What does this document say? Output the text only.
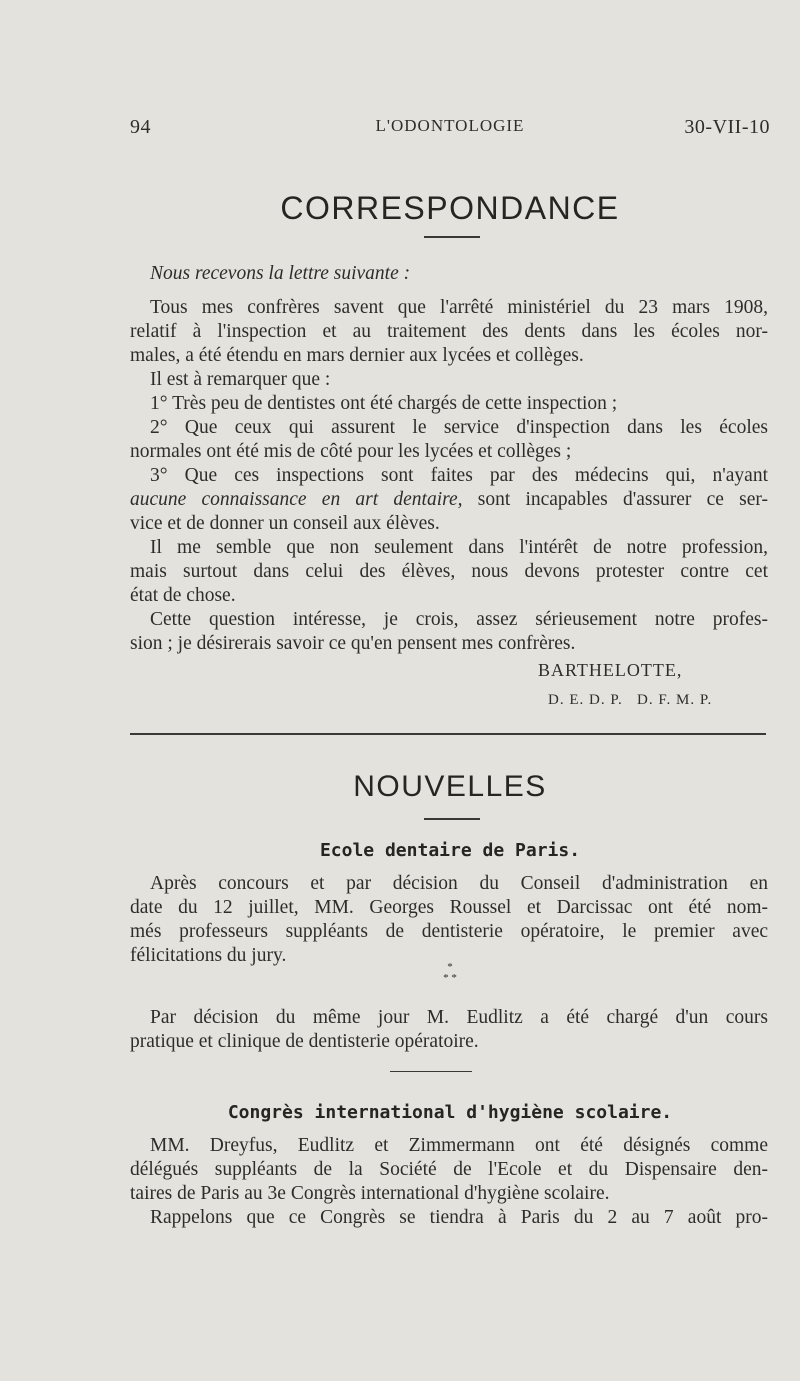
94	L'ODONTOLOGIE	30-VII-10
CORRESPONDANCE
Nous recevons la lettre suivante :
Tous mes confrères savent que l'arrêté ministériel du 23 mars 1908,
relatif à l'inspection et au traitement des dents dans les écoles nor-
males, a été étendu en mars dernier aux lycées et collèges.
Il est à remarquer que :
1° Très peu de dentistes ont été chargés de cette inspection ;
2° Que ceux qui assurent le service d'inspection dans les écoles
normales ont été mis de côté pour les lycées et collèges ;
3° Que ces inspections sont faites par des médecins qui, n'ayant
aucune connaissance en art dentaire, sont incapables d'assurer ce ser-
vice et de donner un conseil aux élèves.
Il me semble que non seulement dans l'intérêt de notre profession,
mais surtout dans celui des élèves, nous devons protester contre cet
état de chose.
Cette question intéresse, je crois, assez sérieusement notre profes-
sion ; je désirerais savoir ce qu'en pensent mes confrères.
BARTHELOTTE,
D. E. D. P.   D. F. M. P.
NOUVELLES
Ecole dentaire de Paris.
Après concours et par décision du Conseil d'administration en
date du 12 juillet, MM. Georges Roussel et Darcissac ont été nom-
més professeurs suppléants de dentisterie opératoire, le premier avec
félicitations du jury.
*
* *
Par décision du même jour M. Eudlitz a été chargé d'un cours
pratique et clinique de dentisterie opératoire.
Congrès international d'hygiène scolaire.
MM. Dreyfus, Eudlitz et Zimmermann ont été désignés comme
délégués suppléants de la Société de l'Ecole et du Dispensaire den-
taires de Paris au 3e Congrès international d'hygiène scolaire.
Rappelons que ce Congrès se tiendra à Paris du 2 au 7 août pro-
